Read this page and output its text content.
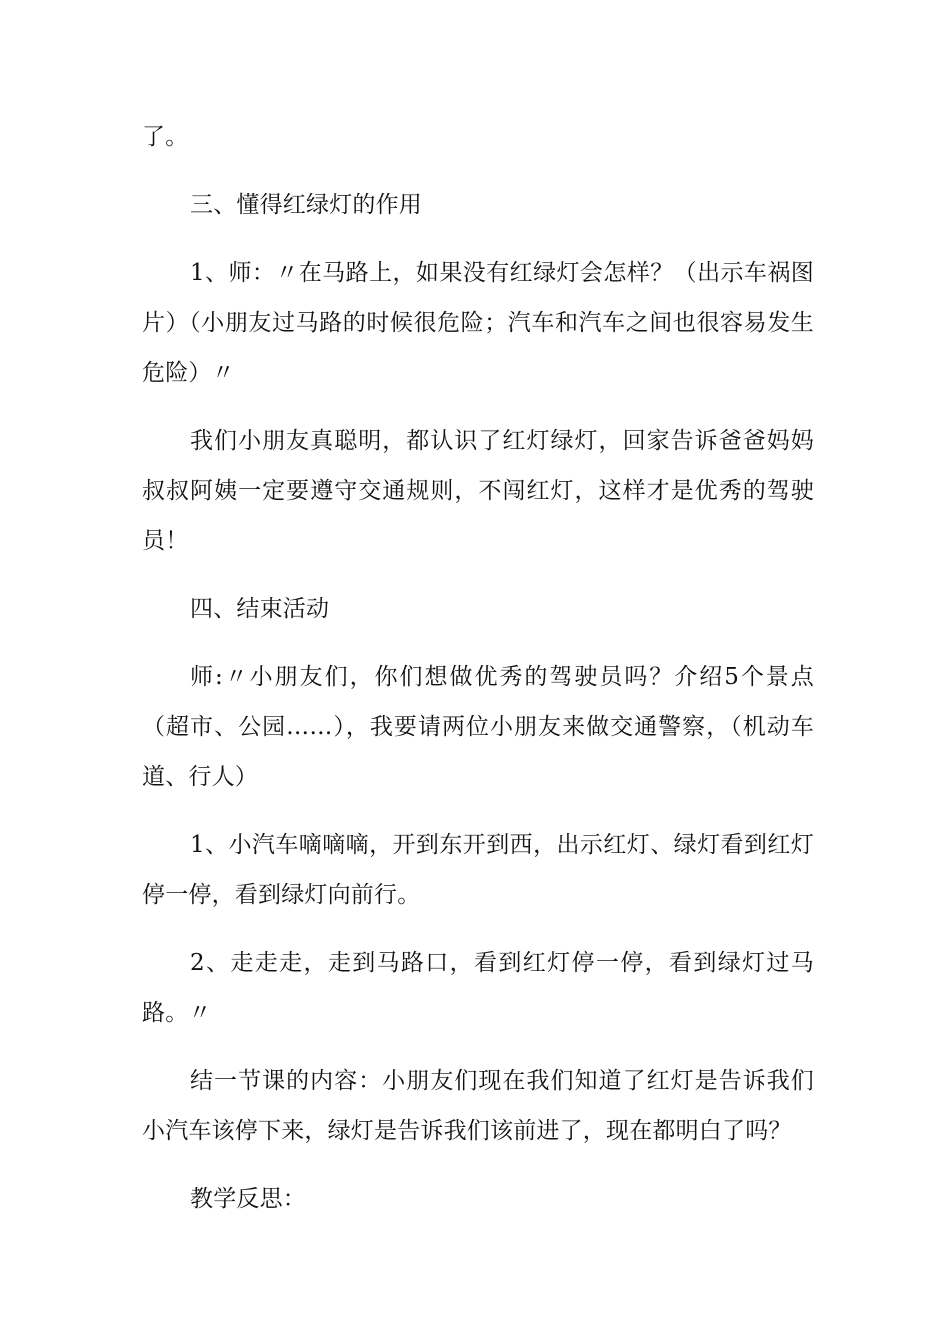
了。

三、懂得红绿灯的作用

1、师：〃在马路上，如果没有红绿灯会怎样？（出示车祸图片）（小朋友过马路的时候很危险；汽车和汽车之间也很容易发生危险）〃

我们小朋友真聪明，都认识了红灯绿灯，回家告诉爸爸妈妈叔叔阿姨一定要遵守交通规则，不闯红灯，这样才是优秀的驾驶员！

四、结束活动

师:〃小朋友们，你们想做优秀的驾驶员吗？介绍5个景点（超市、公园……），我要请两位小朋友来做交通警察，（机动车道、行人）

1、小汽车嘀嘀嘀，开到东开到西，出示红灯、绿灯看到红灯停一停，看到绿灯向前行。

2、走走走，走到马路口，看到红灯停一停，看到绿灯过马路。〃

结一节课的内容：小朋友们现在我们知道了红灯是告诉我们小汽车该停下来，绿灯是告诉我们该前进了，现在都明白了吗？

教学反思：
